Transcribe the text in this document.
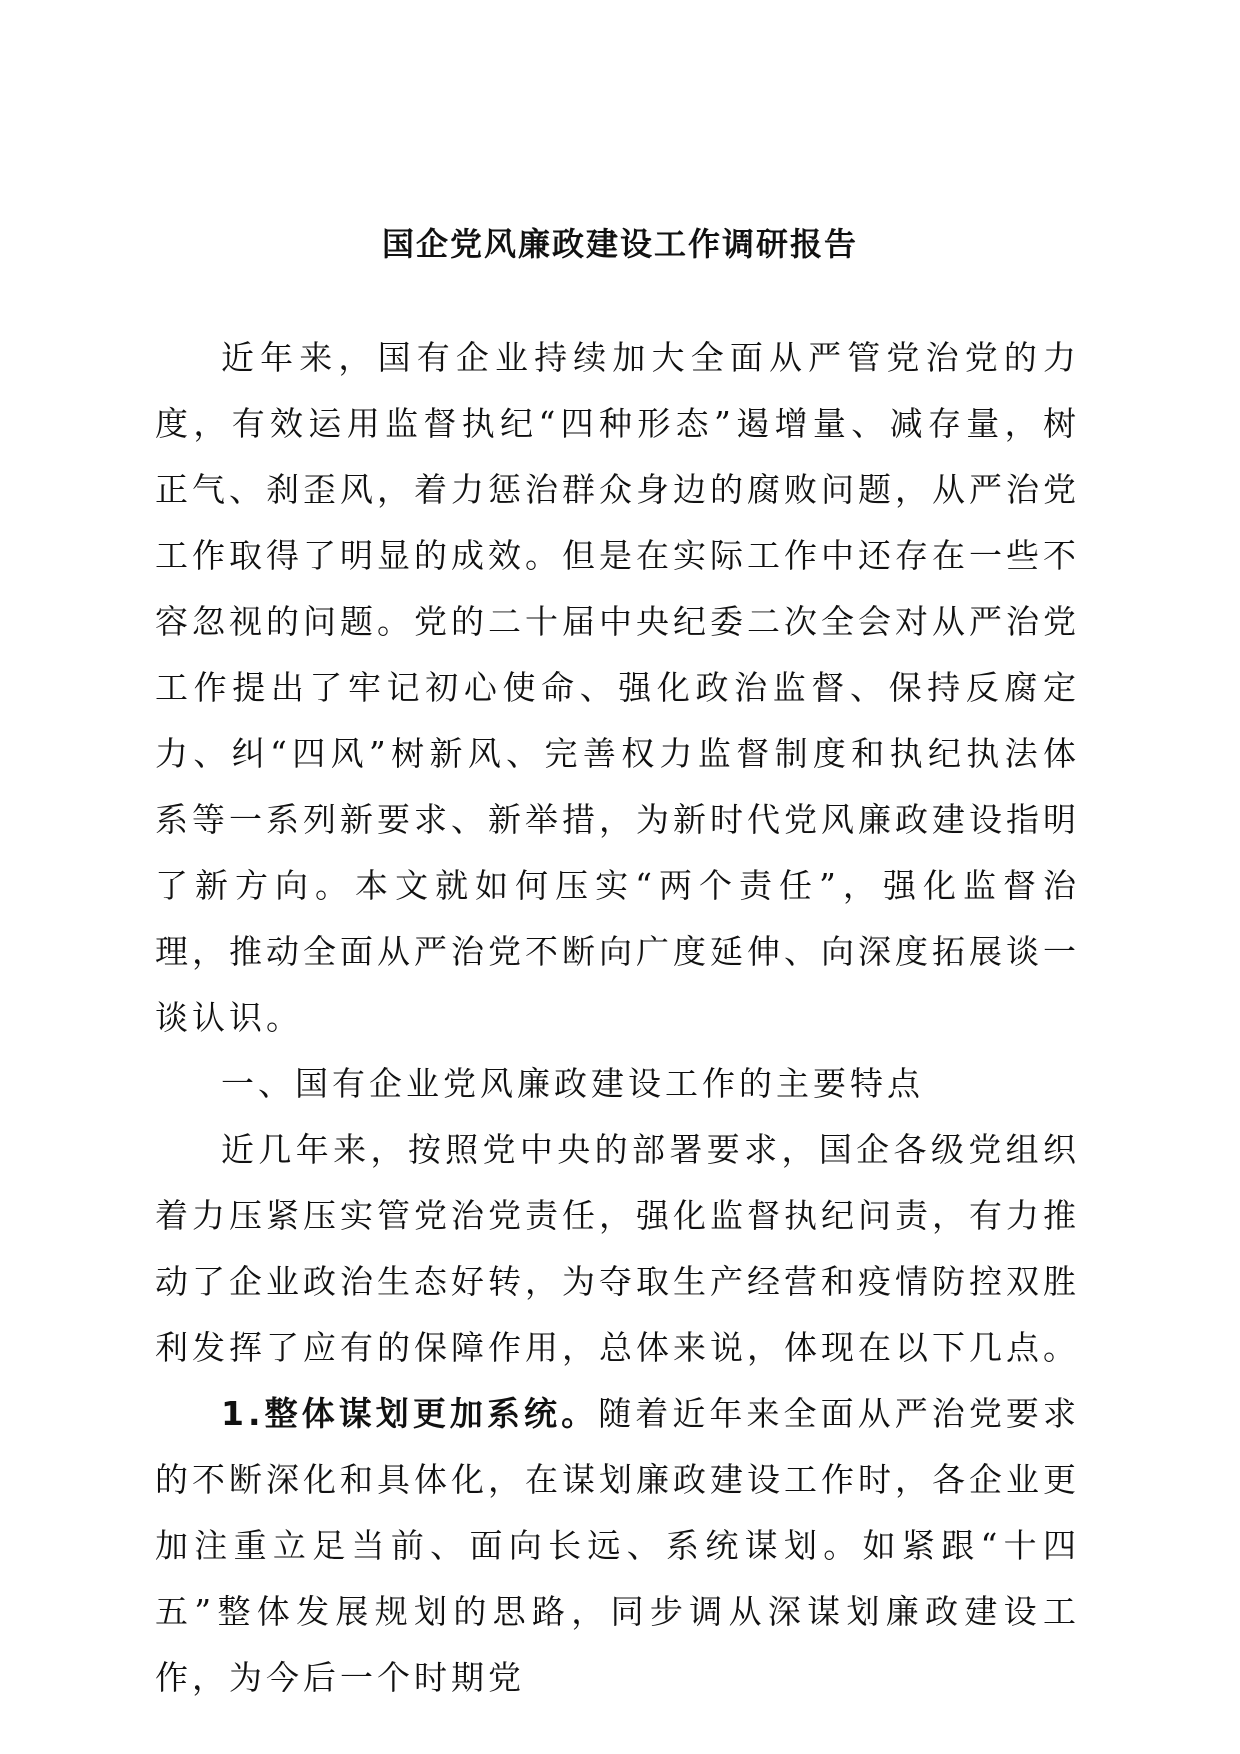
国企党风廉政建设工作调研报告

近年来，国有企业持续加大全面从严管党治党的力度，有效运用监督执纪“四种形态”遏增量、减存量，树正气、刹歪风，着力惩治群众身边的腐败问题，从严治党工作取得了明显的成效。但是在实际工作中还存在一些不容忽视的问题。党的二十届中央纪委二次全会对从严治党工作提出了牢记初心使命、强化政治监督、保持反腐定力、纠“四风”树新风、完善权力监督制度和执纪执法体系等一系列新要求、新举措，为新时代党风廉政建设指明了新方向。本文就如何压实“两个责任”，强化监督治理，推动全面从严治党不断向广度延伸、向深度拓展谈一谈认识。

一、国有企业党风廉政建设工作的主要特点

近几年来，按照党中央的部署要求，国企各级党组织着力压紧压实管党治党责任，强化监督执纪问责，有力推动了企业政治生态好转，为夺取生产经营和疫情防控双胜利发挥了应有的保障作用，总体来说，体现在以下几点。

1.整体谋划更加系统。随着近年来全面从严治党要求的不断深化和具体化，在谋划廉政建设工作时，各企业更加注重立足当前、面向长远、系统谋划。如紧跟“十四五”整体发展规划的思路，同步调从深谋划廉政建设工作，为今后一个时期党
